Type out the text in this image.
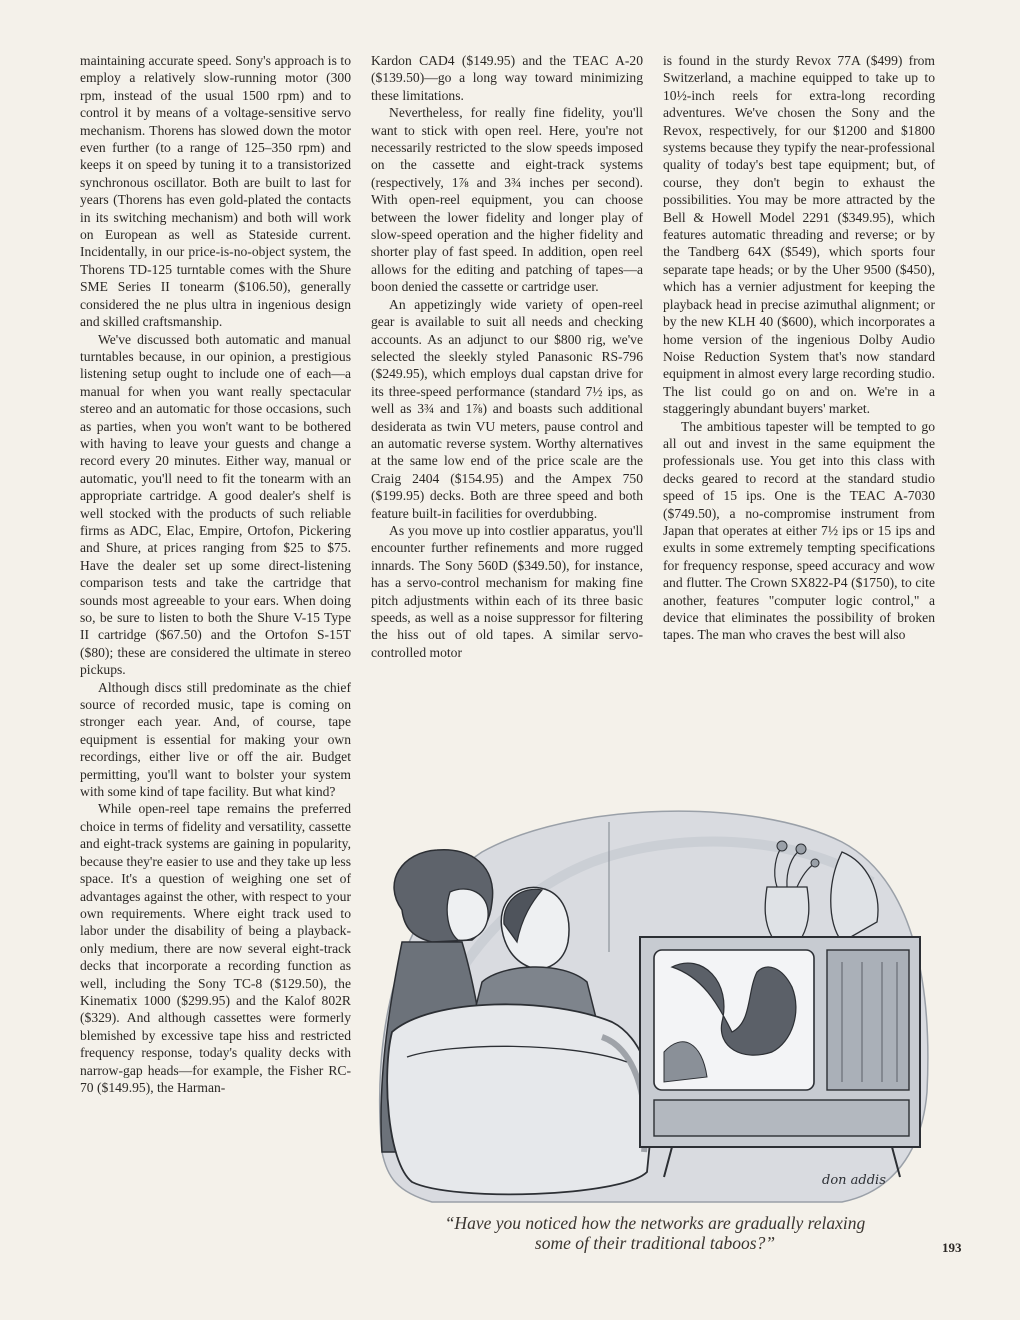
maintaining accurate speed. Sony's approach is to employ a relatively slow-running motor (300 rpm, instead of the usual 1500 rpm) and to control it by means of a voltage-sensitive servo mechanism. Thorens has slowed down the motor even further (to a range of 125–350 rpm) and keeps it on speed by tuning it to a transistorized synchronous oscillator. Both are built to last for years (Thorens has even gold-plated the contacts in its switching mechanism) and both will work on European as well as Stateside current. Incidentally, in our price-is-no-object system, the Thorens TD-125 turntable comes with the Shure SME Series II tonearm ($106.50), generally considered the ne plus ultra in ingenious design and skilled craftsmanship.

We've discussed both automatic and manual turntables because, in our opinion, a prestigious listening setup ought to include one of each—a manual for when you want really spectacular stereo and an automatic for those occasions, such as parties, when you won't want to be bothered with having to leave your guests and change a record every 20 minutes. Either way, manual or automatic, you'll need to fit the tonearm with an appropriate cartridge. A good dealer's shelf is well stocked with the products of such reliable firms as ADC, Elac, Empire, Ortofon, Pickering and Shure, at prices ranging from $25 to $75. Have the dealer set up some direct-listening comparison tests and take the cartridge that sounds most agreeable to your ears. When doing so, be sure to listen to both the Shure V-15 Type II cartridge ($67.50) and the Ortofon S-15T ($80); these are considered the ultimate in stereo pickups.

Although discs still predominate as the chief source of recorded music, tape is coming on stronger each year. And, of course, tape equipment is essential for making your own recordings, either live or off the air. Budget permitting, you'll want to bolster your system with some kind of tape facility. But what kind?

While open-reel tape remains the preferred choice in terms of fidelity and versatility, cassette and eight-track systems are gaining in popularity, because they're easier to use and they take up less space. It's a question of weighing one set of advantages against the other, with respect to your own requirements. Where eight track used to labor under the disability of being a playback-only medium, there are now several eight-track decks that incorporate a recording function as well, including the Sony TC-8 ($129.50), the Kinematix 1000 ($299.95) and the Kalof 802R ($329). And although cassettes were formerly blemished by excessive tape hiss and restricted frequency response, today's quality decks with narrow-gap heads—for example, the Fisher RC-70 ($149.95), the Harman-

Kardon CAD4 ($149.95) and the TEAC A-20 ($139.50)—go a long way toward minimizing these limitations.

Nevertheless, for really fine fidelity, you'll want to stick with open reel. Here, you're not necessarily restricted to the slow speeds imposed on the cassette and eight-track systems (respectively, 1⅞ and 3¾ inches per second). With open-reel equipment, you can choose between the lower fidelity and longer play of slow-speed operation and the higher fidelity and shorter play of fast speed. In addition, open reel allows for the editing and patching of tapes—a boon denied the cassette or cartridge user.

An appetizingly wide variety of open-reel gear is available to suit all needs and checking accounts. As an adjunct to our $800 rig, we've selected the sleekly styled Panasonic RS-796 ($249.95), which employs dual capstan drive for its three-speed performance (standard 7½ ips, as well as 3¾ and 1⅞) and boasts such additional desiderata as twin VU meters, pause control and an automatic reverse system. Worthy alternatives at the same low end of the price scale are the Craig 2404 ($154.95) and the Ampex 750 ($199.95) decks. Both are three speed and both feature built-in facilities for overdubbing.

As you move up into costlier apparatus, you'll encounter further refinements and more rugged innards. The Sony 560D ($349.50), for instance, has a servo-control mechanism for making fine pitch adjustments within each of its three basic speeds, as well as a noise suppressor for filtering the hiss out of old tapes. A similar servo-controlled motor

is found in the sturdy Revox 77A ($499) from Switzerland, a machine equipped to take up to 10½-inch reels for extra-long recording adventures. We've chosen the Sony and the Revox, respectively, for our $1200 and $1800 systems because they typify the near-professional quality of today's best tape equipment; but, of course, they don't begin to exhaust the possibilities. You may be more attracted by the Bell & Howell Model 2291 ($349.95), which features automatic threading and reverse; or by the Tandberg 64X ($549), which sports four separate tape heads; or by the Uher 9500 ($450), which has a vernier adjustment for keeping the playback head in precise azimuthal alignment; or by the new KLH 40 ($600), which incorporates a home version of the ingenious Dolby Audio Noise Reduction System that's now standard equipment in almost every large recording studio. The list could go on and on. We're in a staggeringly abundant buyers' market.

The ambitious tapester will be tempted to go all out and invest in the same equipment the professionals use. You get into this class with decks geared to record at the standard studio speed of 15 ips. One is the TEAC A-7030 ($749.50), a no-compromise instrument from Japan that operates at either 7½ ips or 15 ips and exults in some extremely tempting specifications for frequency response, speed accuracy and wow and flutter. The Crown SX822-P4 ($1750), to cite another, features "computer logic control," a device that eliminates the possibility of broken tapes. The man who craves the best will also

don addis
“Have you noticed how the networks are gradually relaxing
some of their traditional taboos?”	193
